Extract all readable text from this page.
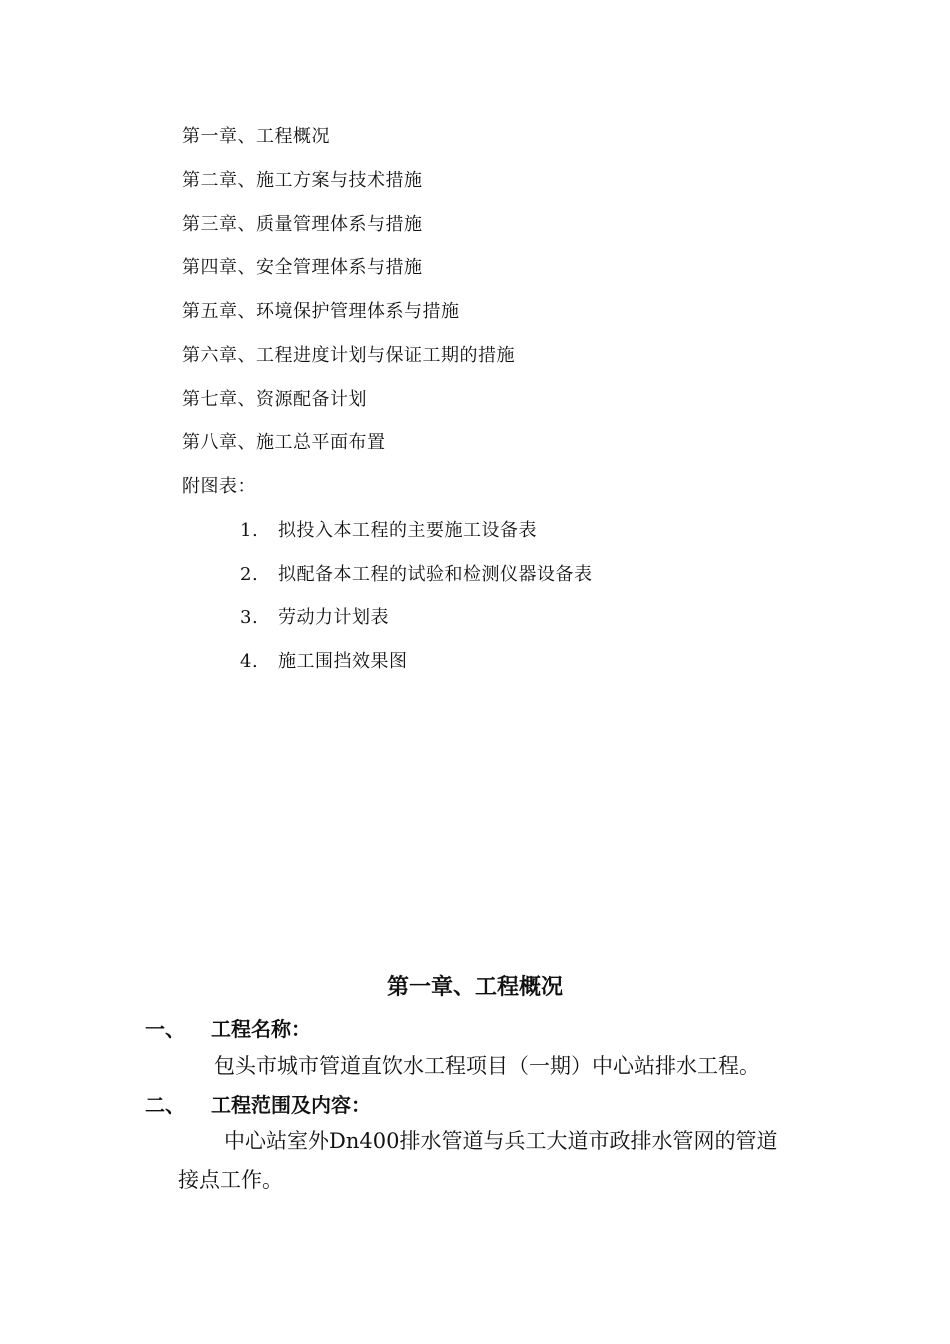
第一章、工程概况
第二章、施工方案与技术措施
第三章、质量管理体系与措施
第四章、安全管理体系与措施
第五章、环境保护管理体系与措施
第六章、工程进度计划与保证工期的措施
第七章、资源配备计划
第八章、施工总平面布置
附图表：
1. 拟投入本工程的主要施工设备表
2. 拟配备本工程的试验和检测仪器设备表
3. 劳动力计划表
4. 施工围挡效果图
第一章、工程概况
一、 工程名称：
包头市城市管道直饮水工程项目（一期）中心站排水工程。
二、 工程范围及内容：
中心站室外Dn400排水管道与兵工大道市政排水管网的管道
接点工作。
